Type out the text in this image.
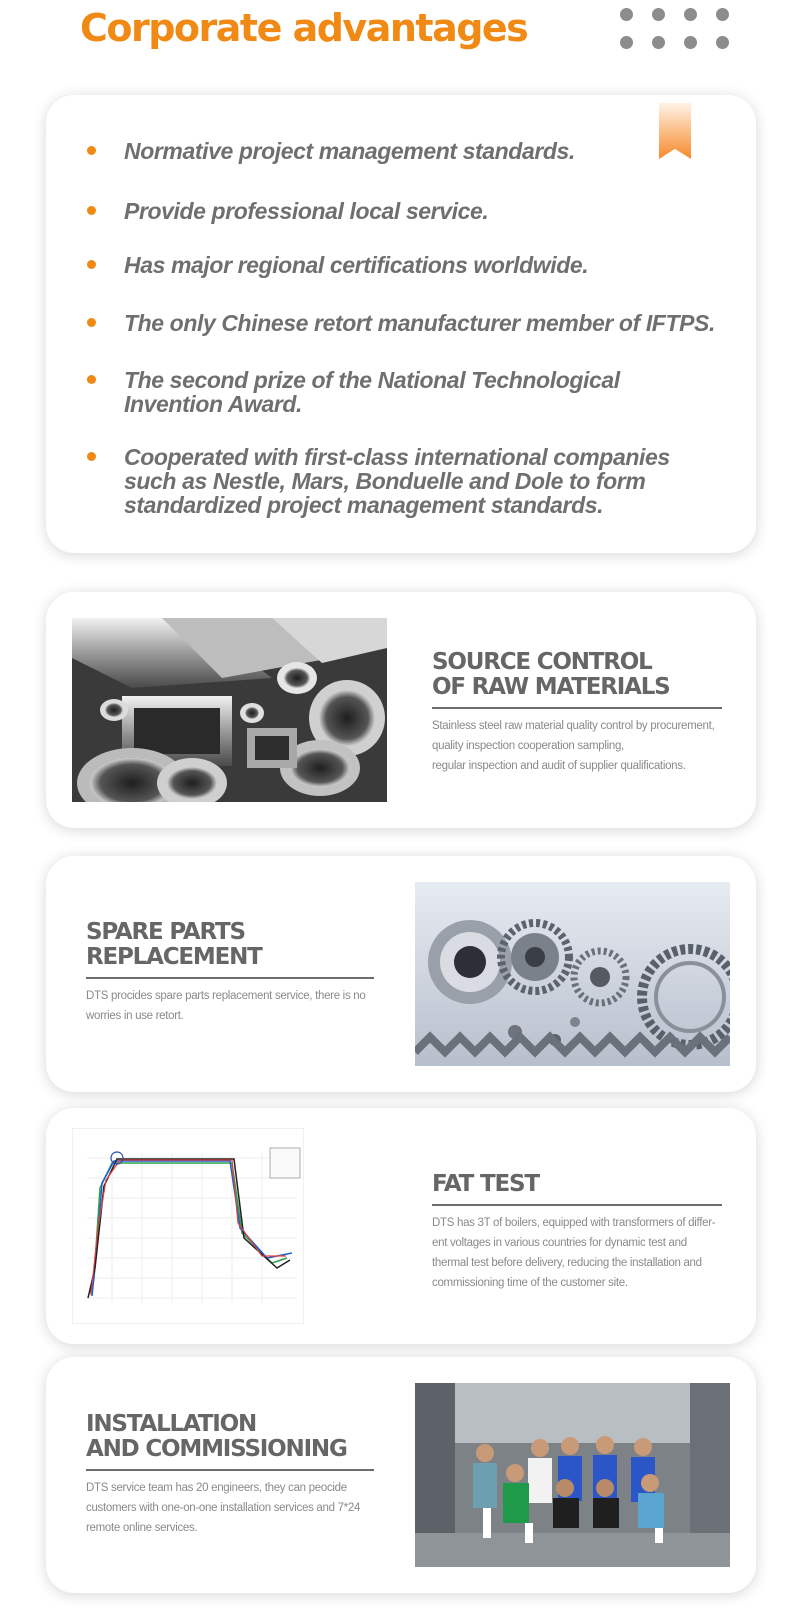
Corporate advantages
Normative project management standards.
Provide professional local service.
Has major regional certifications worldwide.
The only Chinese retort manufacturer member of IFTPS.
The second prize of the National Technological
Invention Award.
Cooperated with first-class international companies
such as Nestle, Mars, Bonduelle and Dole to form
standardized project management standards.
SOURCE CONTROL
OF RAW MATERIALS
Stainless steel raw material quality control by procurement,
quality inspection cooperation sampling,
regular inspection and audit of supplier qualifications.
SPARE PARTS
REPLACEMENT
DTS procides spare parts replacement service, there is no
worries in use retort.
FAT TEST
DTS has 3T of boilers, equipped with transformers of differ-
ent voltages in various countries for dynamic test and
thermal test before delivery, reducing the installation and
commissioning time of the customer site.
INSTALLATION
AND COMMISSIONING
DTS service team has 20 engineers, they can peocide
customers with one-on-one installation services and 7*24
remote online services.
